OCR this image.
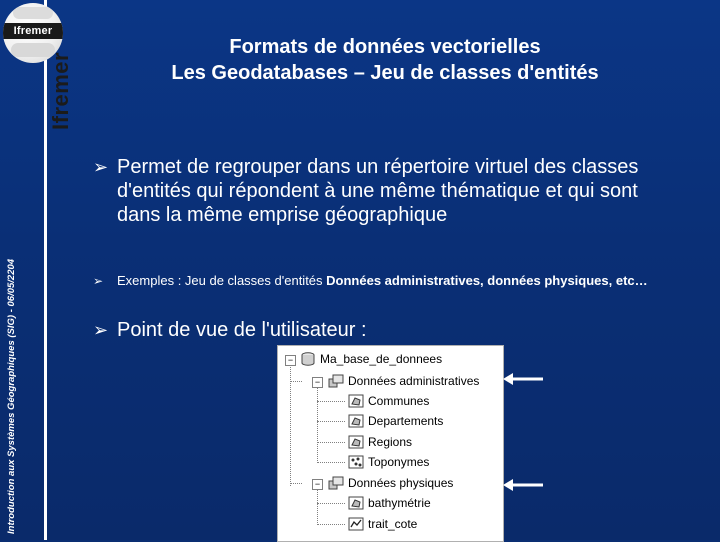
Ifremer
Ifremer
Introduction aux Systèmes Géographiques (SIG) - 06/05/2204
Formats de données vectorielles
Les Geodatabases – Jeu de classes d'entités
➢ Permet de regrouper dans un répertoire virtuel des classes d'entités qui répondent à une même thématique et qui sont dans la même emprise géographique
➢ Exemples : Jeu de classes d'entités Données administratives, données physiques, etc…
➢ Point de vue de l'utilisateur :
− Ma_base_de_donnees
− Données administratives
Communes
Departements
Regions
Toponymes
− Données physiques
bathymétrie
trait_cote
